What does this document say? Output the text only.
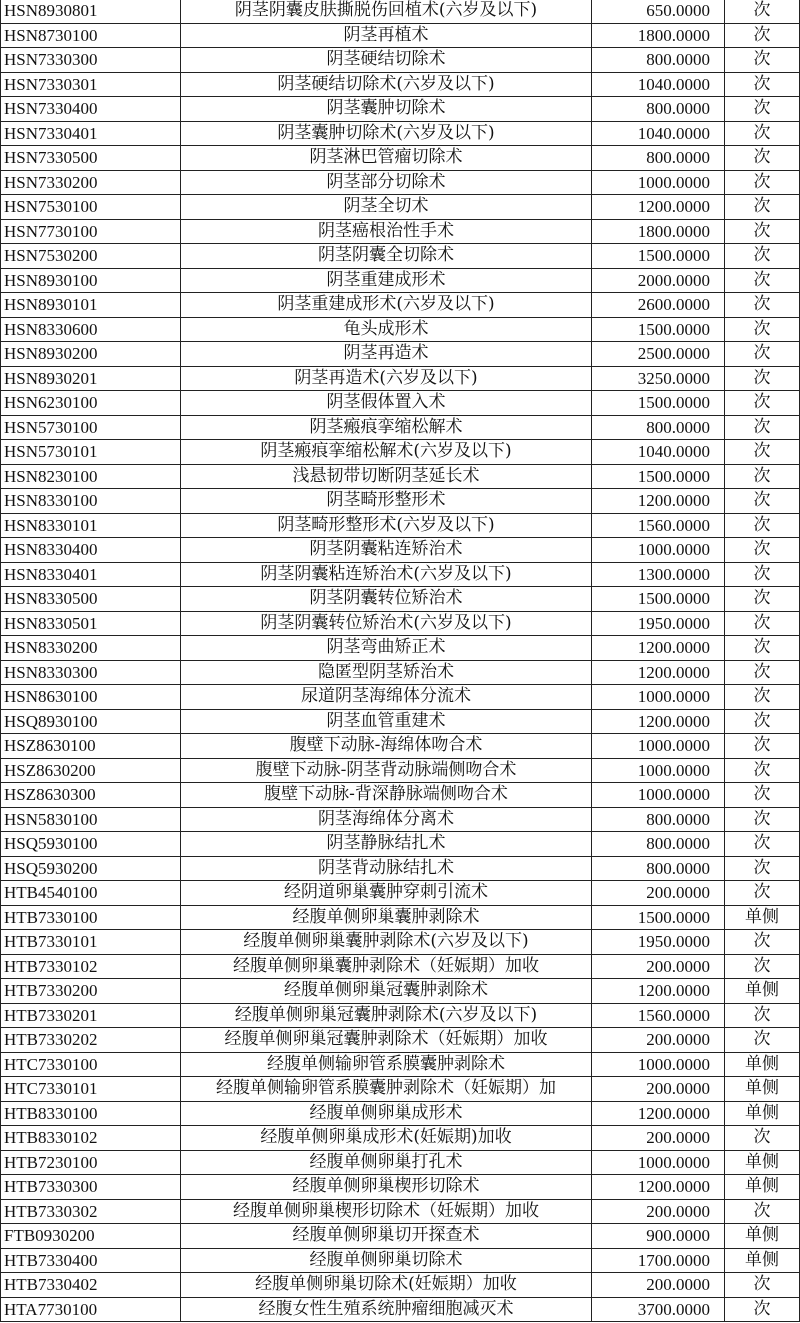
HSN8930801	阴茎阴囊皮肤撕脱伤回植术(六岁及以下)	650.0000	次
HSN8730100	阴茎再植术	1800.0000	次
HSN7330300	阴茎硬结切除术	800.0000	次
HSN7330301	阴茎硬结切除术(六岁及以下)	1040.0000	次
HSN7330400	阴茎囊肿切除术	800.0000	次
HSN7330401	阴茎囊肿切除术(六岁及以下)	1040.0000	次
HSN7330500	阴茎淋巴管瘤切除术	800.0000	次
HSN7330200	阴茎部分切除术	1000.0000	次
HSN7530100	阴茎全切术	1200.0000	次
HSN7730100	阴茎癌根治性手术	1800.0000	次
HSN7530200	阴茎阴囊全切除术	1500.0000	次
HSN8930100	阴茎重建成形术	2000.0000	次
HSN8930101	阴茎重建成形术(六岁及以下)	2600.0000	次
HSN8330600	龟头成形术	1500.0000	次
HSN8930200	阴茎再造术	2500.0000	次
HSN8930201	阴茎再造术(六岁及以下)	3250.0000	次
HSN6230100	阴茎假体置入术	1500.0000	次
HSN5730100	阴茎瘢痕挛缩松解术	800.0000	次
HSN5730101	阴茎瘢痕挛缩松解术(六岁及以下)	1040.0000	次
HSN8230100	浅悬韧带切断阴茎延长术	1500.0000	次
HSN8330100	阴茎畸形整形术	1200.0000	次
HSN8330101	阴茎畸形整形术(六岁及以下)	1560.0000	次
HSN8330400	阴茎阴囊粘连矫治术	1000.0000	次
HSN8330401	阴茎阴囊粘连矫治术(六岁及以下)	1300.0000	次
HSN8330500	阴茎阴囊转位矫治术	1500.0000	次
HSN8330501	阴茎阴囊转位矫治术(六岁及以下)	1950.0000	次
HSN8330200	阴茎弯曲矫正术	1200.0000	次
HSN8330300	隐匿型阴茎矫治术	1200.0000	次
HSN8630100	尿道阴茎海绵体分流术	1000.0000	次
HSQ8930100	阴茎血管重建术	1200.0000	次
HSZ8630100	腹壁下动脉-海绵体吻合术	1000.0000	次
HSZ8630200	腹壁下动脉-阴茎背动脉端侧吻合术	1000.0000	次
HSZ8630300	腹壁下动脉-背深静脉端侧吻合术	1000.0000	次
HSN5830100	阴茎海绵体分离术	800.0000	次
HSQ5930100	阴茎静脉结扎术	800.0000	次
HSQ5930200	阴茎背动脉结扎术	800.0000	次
HTB4540100	经阴道卵巢囊肿穿刺引流术	200.0000	次
HTB7330100	经腹单侧卵巢囊肿剥除术	1500.0000	单侧
HTB7330101	经腹单侧卵巢囊肿剥除术(六岁及以下)	1950.0000	次
HTB7330102	经腹单侧卵巢囊肿剥除术（妊娠期）加收	200.0000	次
HTB7330200	经腹单侧卵巢冠囊肿剥除术	1200.0000	单侧
HTB7330201	经腹单侧卵巢冠囊肿剥除术(六岁及以下)	1560.0000	次
HTB7330202	经腹单侧卵巢冠囊肿剥除术（妊娠期）加收	200.0000	次
HTC7330100	经腹单侧输卵管系膜囊肿剥除术	1000.0000	单侧
HTC7330101	经腹单侧输卵管系膜囊肿剥除术（妊娠期）加	200.0000	单侧
HTB8330100	经腹单侧卵巢成形术	1200.0000	单侧
HTB8330102	经腹单侧卵巢成形术(妊娠期)加收	200.0000	次
HTB7230100	经腹单侧卵巢打孔术	1000.0000	单侧
HTB7330300	经腹单侧卵巢楔形切除术	1200.0000	单侧
HTB7330302	经腹单侧卵巢楔形切除术（妊娠期）加收	200.0000	次
FTB0930200	经腹单侧卵巢切开探查术	900.0000	单侧
HTB7330400	经腹单侧卵巢切除术	1700.0000	单侧
HTB7330402	经腹单侧卵巢切除术(妊娠期）加收	200.0000	次
HTA7730100	经腹女性生殖系统肿瘤细胞减灭术	3700.0000	次
